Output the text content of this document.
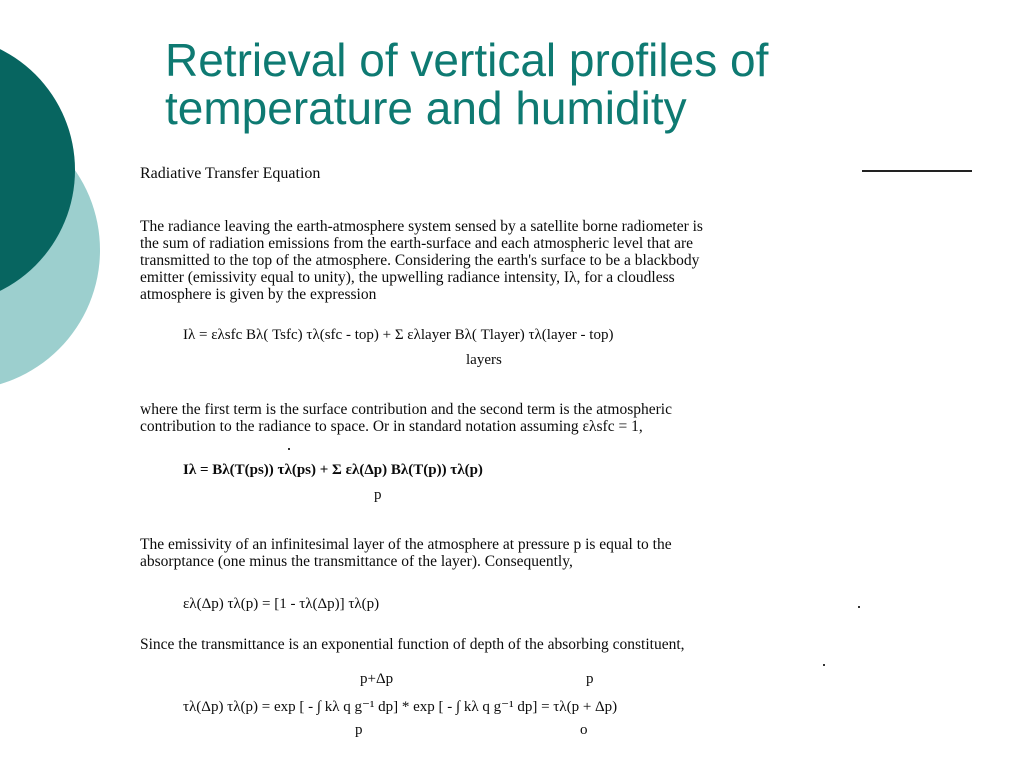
Retrieval of vertical profiles of
temperature and humidity
Radiative Transfer Equation
The radiance leaving the earth-atmosphere system sensed by a satellite borne radiometer is
the sum of radiation emissions from the earth-surface and each atmospheric level that are
transmitted to the top of the atmosphere. Considering the earth's surface to be a blackbody
emitter (emissivity equal to unity), the upwelling radiance intensity, Iλ, for a cloudless
atmosphere is given by the expression
Iλ = ελsfc Bλ( Tsfc) τλ(sfc - top) + Σ ελlayer Bλ( Tlayer) τλ(layer - top)
layers
where the first term is the surface contribution and the second term is the atmospheric
contribution to the radiance to space. Or in standard notation assuming ελsfc = 1,
Iλ = Bλ(T(ps)) τλ(ps) + Σ ελ(Δp) Bλ(T(p)) τλ(p)
p
The emissivity of an infinitesimal layer of the atmosphere at pressure p is equal to the
absorptance (one minus the transmittance of the layer). Consequently,
ελ(Δp) τλ(p) = [1 - τλ(Δp)] τλ(p)
Since the transmittance is an exponential function of depth of the absorbing constituent,
p+Δp	p
τλ(Δp) τλ(p) = exp [ - ∫ kλ q g⁻¹ dp] * exp [ - ∫ kλ q g⁻¹ dp] = τλ(p + Δp)
p	o
